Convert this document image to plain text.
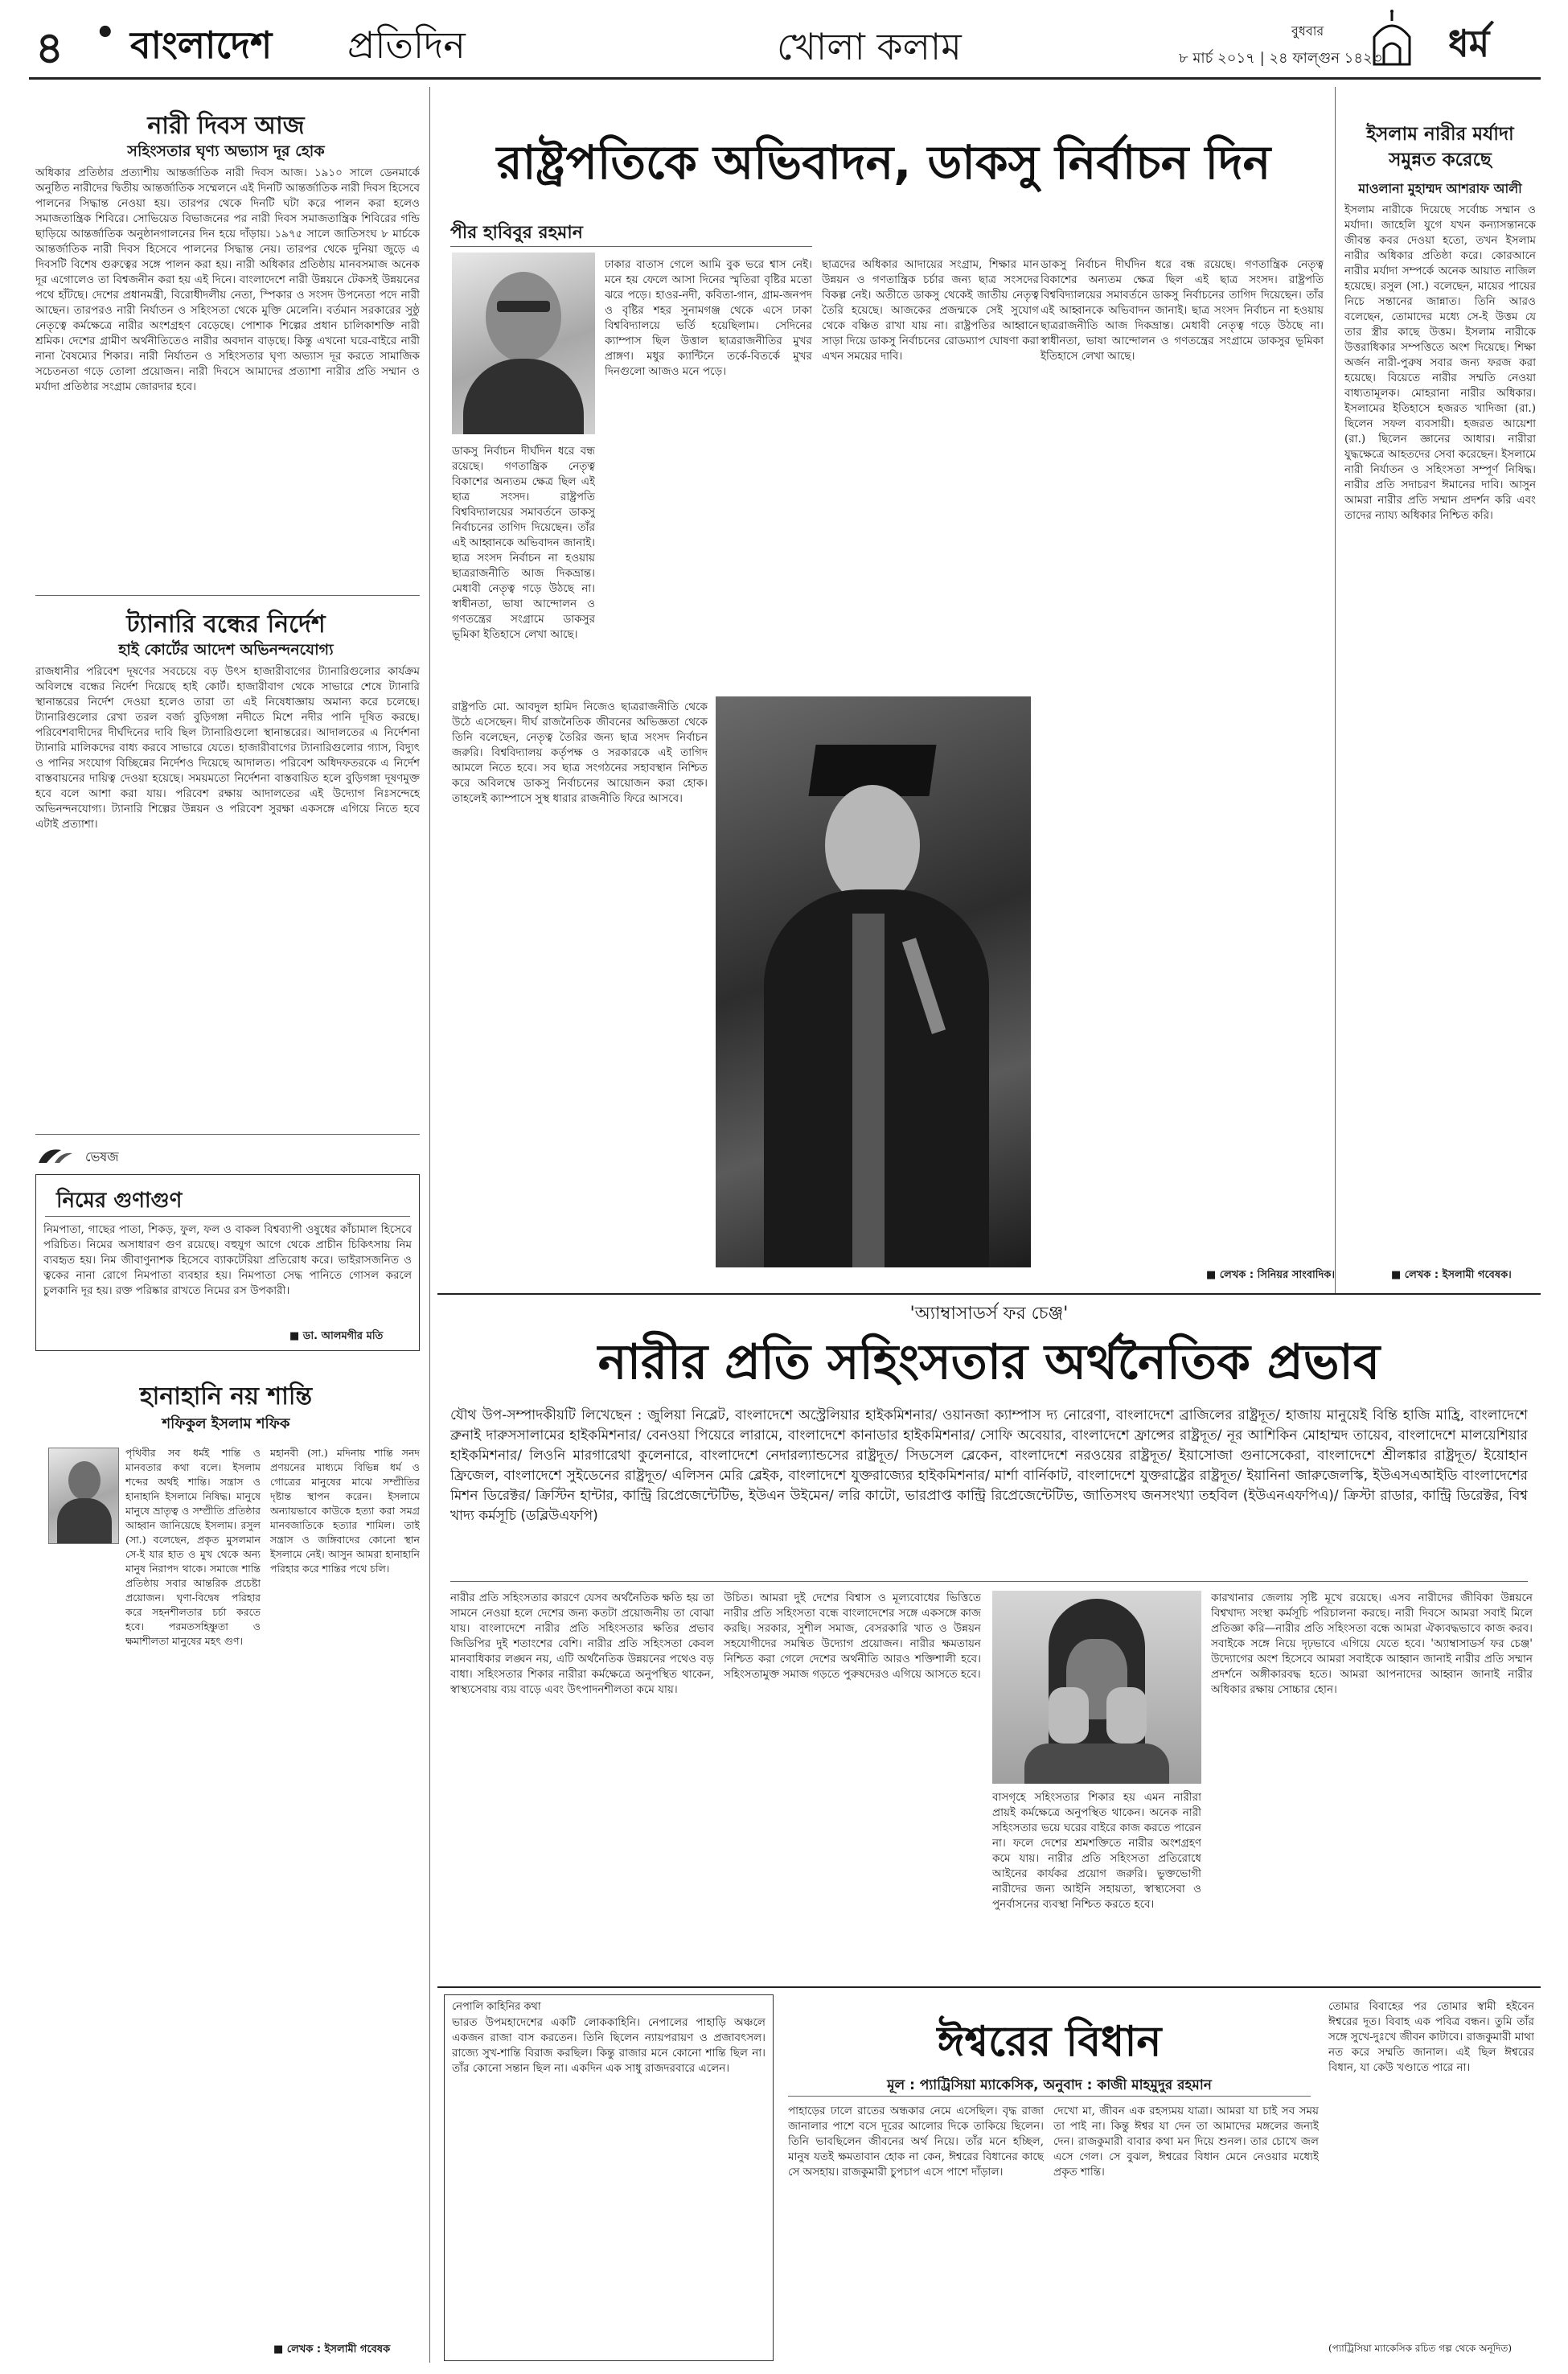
৪ • বাংলাদেশ প্রতিদিন	খোলা কলাম	বুধবার
৮ মার্চ ২০১৭ | ২৪ ফাল্গুন ১৪২৩ ধর্ম
নারী দিবস আজ
সহিংসতার ঘৃণ্য অভ্যাস দূর হোক
অধিকার প্রতিষ্ঠার প্রত্যাশীয় আন্তর্জাতিক নারী দিবস আজ। ১৯১০ সালে ডেনমার্কে অনুষ্ঠিত নারীদের দ্বিতীয় আন্তর্জাতিক সম্মেলনে এই দিনটি আন্তর্জাতিক নারী দিবস হিসেবে পালনের সিদ্ধান্ত নেওয়া হয়। তারপর থেকে দিনটি ঘটা করে পালন করা হলেও সমাজতান্ত্রিক শিবিরে। সোভিয়েত বিভাজনের পর নারী দিবস সমাজতান্ত্রিক শিবিরের গন্ডি ছাড়িয়ে আন্তর্জাতিক অনুষ্ঠানগালনের দিন হয়ে দাঁড়ায়। ১৯৭৫ সালে জাতিসংঘ ৮ মার্চকে আন্তর্জাতিক নারী দিবস হিসেবে পালনের সিদ্ধান্ত নেয়। তারপর থেকে দুনিয়া জুড়ে এ দিবসটি বিশেষ গুরুত্বের সঙ্গে পালন করা হয়। নারী অধিকার প্রতিষ্ঠায় মানবসমাজ অনেক দূর এগোলেও তা বিশ্বজনীন করা হয় এই দিনে। বাংলাদেশে নারী উন্নয়নে টেকসই উন্নয়নের পথে হাঁটছে। দেশের প্রধানমন্ত্রী, বিরোধীদলীয় নেতা, স্পিকার ও সংসদ উপনেতা পদে নারী আছেন। তারপরও নারী নির্যাতন ও সহিংসতা থেকে মুক্তি মেলেনি। বর্তমান সরকারের সুষ্ঠু নেতৃত্বে কর্মক্ষেত্রে নারীর অংশগ্রহণ বেড়েছে। পোশাক শিল্পের প্রধান চালিকাশক্তি নারী শ্রমিক। দেশের গ্রামীণ অর্থনীতিতেও নারীর অবদান বাড়ছে। কিন্তু এখনো ঘরে-বাইরে নারী নানা বৈষম্যের শিকার। নারী নির্যাতন ও সহিংসতার ঘৃণ্য অভ্যাস দূর করতে সামাজিক সচেতনতা গড়ে তোলা প্রয়োজন। নারী দিবসে আমাদের প্রত্যাশা নারীর প্রতি সম্মান ও মর্যাদা প্রতিষ্ঠার সংগ্রাম জোরদার হবে।
ট্যানারি বন্ধের নির্দেশ
হাই কোর্টের আদেশ অভিনন্দনযোগ্য
রাজধানীর পরিবেশ দূষণের সবচেয়ে বড় উৎস হাজারীবাগের ট্যানারিগুলোর কার্যক্রম অবিলম্বে বন্ধের নির্দেশ দিয়েছে হাই কোর্ট। হাজারীবাগ থেকে সাভারে শেষে ট্যানারি স্থানান্তরের নির্দেশ দেওয়া হলেও তারা তা এই নিষেধাজ্ঞায় অমান্য করে চলেছে। ট্যানারিগুলোর রেখা তরল বর্জ্য বুড়িগঙ্গা নদীতে মিশে নদীর পানি দূষিত করছে। পরিবেশবাদীদের দীর্ঘদিনের দাবি ছিল ট্যানারিগুলো স্থানান্তরের। আদালতের এ নির্দেশনা ট্যানারি মালিকদের বাধ্য করবে সাভারে যেতে। হাজারীবাগের ট্যানারিগুলোর গ্যাস, বিদ্যুৎ ও পানির সংযোগ বিচ্ছিন্নের নির্দেশও দিয়েছে আদালত। পরিবেশ অধিদফতরকে এ নির্দেশ বাস্তবায়নের দায়িত্ব দেওয়া হয়েছে। সময়মতো নির্দেশনা বাস্তবায়িত হলে বুড়িগঙ্গা দূষণমুক্ত হবে বলে আশা করা যায়। পরিবেশ রক্ষায় আদালতের এই উদ্যোগ নিঃসন্দেহে অভিনন্দনযোগ্য। ট্যানারি শিল্পের উন্নয়ন ও পরিবেশ সুরক্ষা একসঙ্গে এগিয়ে নিতে হবে এটাই প্রত্যাশা।
ভেষজ
নিমের গুণাগুণ
নিমপাতা, গাছের পাতা, শিকড়, ফুল, ফল ও বাকল বিশ্বব্যাপী ওষুধের কাঁচামাল হিসেবে পরিচিত। নিমের অসাধারণ গুণ রয়েছে। বহুযুগ আগে থেকে প্রাচীন চিকিৎসায় নিম ব্যবহৃত হয়। নিম জীবাণুনাশক হিসেবে ব্যাকটেরিয়া প্রতিরোধ করে। ভাইরাসজনিত ও ত্বকের নানা রোগে নিমপাতা ব্যবহার হয়। নিমপাতা সেদ্ধ পানিতে গোসল করলে চুলকানি দূর হয়। রক্ত পরিষ্কার রাখতে নিমের রস উপকারী।
■ ডা. আলমগীর মতি
হানাহানি নয় শান্তি
শফিকুল ইসলাম শফিক
পৃথিবীর সব ধর্মই শান্তি ও মানবতার কথা বলে। ইসলাম শব্দের অর্থই শান্তি। সন্ত্রাস ও হানাহানি ইসলামে নিষিদ্ধ। মানুষে মানুষে ভ্রাতৃত্ব ও সম্প্রীতি প্রতিষ্ঠার আহ্বান জানিয়েছে ইসলাম। রসুল (সা.) বলেছেন, প্রকৃত মুসলমান সে-ই যার হাত ও মুখ থেকে অন্য মানুষ নিরাপদ থাকে। সমাজে শান্তি প্রতিষ্ঠায় সবার আন্তরিক প্রচেষ্টা প্রয়োজন। ঘৃণা-বিদ্বেষ পরিহার করে সহনশীলতার চর্চা করতে হবে। পরমতসহিষ্ণুতা ও ক্ষমাশীলতা মানুষের মহৎ গুণ।
মহানবী (সা.) মদিনায় শান্তি সনদ প্রণয়নের মাধ্যমে বিভিন্ন ধর্ম ও গোত্রের মানুষের মাঝে সম্প্রীতির দৃষ্টান্ত স্থাপন করেন। ইসলামে অন্যায়ভাবে কাউকে হত্যা করা সমগ্র মানবজাতিকে হত্যার শামিল। তাই সন্ত্রাস ও জঙ্গিবাদের কোনো স্থান ইসলামে নেই। আসুন আমরা হানাহানি পরিহার করে শান্তির পথে চলি।
■ লেখক : ইসলামী গবেষক
রাষ্ট্রপতিকে অভিবাদন, ডাকসু নির্বাচন দিন
পীর হাবিবুর রহমান
ঢাকার বাতাস গেলে আমি বুক ভরে শ্বাস নেই। মনে হয় ফেলে আসা দিনের স্মৃতিরা বৃষ্টির মতো ঝরে পড়ে। হাওর-নদী, কবিতা-গান, গ্রাম-জনপদ ও বৃষ্টির শহর সুনামগঞ্জ থেকে এসে ঢাকা বিশ্ববিদ্যালয়ে ভর্তি হয়েছিলাম। সেদিনের ক্যাম্পাস ছিল উত্তাল ছাত্ররাজনীতির মুখর প্রাঙ্গণ। মধুর ক্যান্টিনে তর্কে-বিতর্কে মুখর দিনগুলো আজও মনে পড়ে।
ডাকসু নির্বাচন দীর্ঘদিন ধরে বন্ধ রয়েছে। গণতান্ত্রিক নেতৃত্ব বিকাশের অন্যতম ক্ষেত্র ছিল এই ছাত্র সংসদ। রাষ্ট্রপতি বিশ্ববিদ্যালয়ের সমাবর্তনে ডাকসু নির্বাচনের তাগিদ দিয়েছেন। তাঁর এই আহ্বানকে অভিবাদন জানাই। ছাত্র সংসদ নির্বাচন না হওয়ায় ছাত্ররাজনীতি আজ দিকভ্রান্ত। মেধাবী নেতৃত্ব গড়ে উঠছে না। স্বাধীনতা, ভাষা আন্দোলন ও গণতন্ত্রের সংগ্রামে ডাকসুর ভূমিকা ইতিহাসে লেখা আছে।
রাষ্ট্রপতি মো. আবদুল হামিদ নিজেও ছাত্ররাজনীতি থেকে উঠে এসেছেন। দীর্ঘ রাজনৈতিক জীবনের অভিজ্ঞতা থেকে তিনি বলেছেন, নেতৃত্ব তৈরির জন্য ছাত্র সংসদ নির্বাচন জরুরি। বিশ্ববিদ্যালয় কর্তৃপক্ষ ও সরকারকে এই তাগিদ আমলে নিতে হবে। সব ছাত্র সংগঠনের সহাবস্থান নিশ্চিত করে অবিলম্বে ডাকসু নির্বাচনের আয়োজন করা হোক। তাহলেই ক্যাম্পাসে সুস্থ ধারার রাজনীতি ফিরে আসবে।
ছাত্রদের অধিকার আদায়ের সংগ্রাম, শিক্ষার মান উন্নয়ন ও গণতান্ত্রিক চর্চার জন্য ছাত্র সংসদের বিকল্প নেই। অতীতে ডাকসু থেকেই জাতীয় নেতৃত্ব তৈরি হয়েছে। আজকের প্রজন্মকে সেই সুযোগ থেকে বঞ্চিত রাখা যায় না। রাষ্ট্রপতির আহ্বানে সাড়া দিয়ে ডাকসু নির্বাচনের রোডম্যাপ ঘোষণা করা এখন সময়ের দাবি।
ডাকসু নির্বাচন দীর্ঘদিন ধরে বন্ধ রয়েছে। গণতান্ত্রিক নেতৃত্ব বিকাশের অন্যতম ক্ষেত্র ছিল এই ছাত্র সংসদ। রাষ্ট্রপতি বিশ্ববিদ্যালয়ের সমাবর্তনে ডাকসু নির্বাচনের তাগিদ দিয়েছেন। তাঁর এই আহ্বানকে অভিবাদন জানাই। ছাত্র সংসদ নির্বাচন না হওয়ায় ছাত্ররাজনীতি আজ দিকভ্রান্ত। মেধাবী নেতৃত্ব গড়ে উঠছে না। স্বাধীনতা, ভাষা আন্দোলন ও গণতন্ত্রের সংগ্রামে ডাকসুর ভূমিকা ইতিহাসে লেখা আছে।
■ লেখক : সিনিয়র সাংবাদিক।
ইসলাম নারীর মর্যাদা
সমুন্নত করেছে
মাওলানা মুহাম্মদ আশরাফ আলী
ইসলাম নারীকে দিয়েছে সর্বোচ্চ সম্মান ও মর্যাদা। জাহেলি যুগে যখন কন্যাসন্তানকে জীবন্ত কবর দেওয়া হতো, তখন ইসলাম নারীর অধিকার প্রতিষ্ঠা করে। কোরআনে নারীর মর্যাদা সম্পর্কে অনেক আয়াত নাজিল হয়েছে। রসুল (সা.) বলেছেন, মায়ের পায়ের নিচে সন্তানের জান্নাত। তিনি আরও বলেছেন, তোমাদের মধ্যে সে-ই উত্তম যে তার স্ত্রীর কাছে উত্তম। ইসলাম নারীকে উত্তরাধিকার সম্পত্তিতে অংশ দিয়েছে। শিক্ষা অর্জন নারী-পুরুষ সবার জন্য ফরজ করা হয়েছে। বিয়েতে নারীর সম্মতি নেওয়া বাধ্যতামূলক। মোহরানা নারীর অধিকার। ইসলামের ইতিহাসে হজরত খাদিজা (রা.) ছিলেন সফল ব্যবসায়ী। হজরত আয়েশা (রা.) ছিলেন জ্ঞানের আধার। নারীরা যুদ্ধক্ষেত্রে আহতদের সেবা করেছেন। ইসলামে নারী নির্যাতন ও সহিংসতা সম্পূর্ণ নিষিদ্ধ। নারীর প্রতি সদাচরণ ঈমানের দাবি। আসুন আমরা নারীর প্রতি সম্মান প্রদর্শন করি এবং তাদের ন্যায্য অধিকার নিশ্চিত করি।
■ লেখক : ইসলামী গবেষক।
'অ্যাম্বাসাডর্স ফর চেঞ্জ'
নারীর প্রতি সহিংসতার অর্থনৈতিক প্রভাব
যৌথ উপ-সম্পাদকীয়টি লিখেছেন : জুলিয়া নিব্লেট, বাংলাদেশে অস্ট্রেলিয়ার হাইকমিশনার/ ওয়ানজা ক্যাম্পাস দ্য নোরেণা, বাংলাদেশে ব্রাজিলের রাষ্ট্রদূত/ হাজায় মানুয়েই বিন্তি হাজি মাহ্রি, বাংলাদেশে ব্রুনাই দারুসসালামের হাইকমিশনার/ বেনওয়া পিয়েরে লারামে, বাংলাদেশে কানাডার হাইকমিশনার/ সোফি অবেয়ার, বাংলাদেশে ফ্রান্সের রাষ্ট্রদূত/ নূর আশিকিন মোহাম্মদ তায়েব, বাংলাদেশে মালয়েশিয়ার হাইকমিশনার/ লিওনি মারগারেথা কুলেনারে, বাংলাদেশে নেদারল্যান্ডসের রাষ্ট্রদূত/ সিডসেল ব্লেকেন, বাংলাদেশে নরওয়ের রাষ্ট্রদূত/ ইয়াসোজা গুনাসেকেরা, বাংলাদেশে শ্রীলঙ্কার রাষ্ট্রদূত/ ইয়োহান ফ্রিজেল, বাংলাদেশে সুইডেনের রাষ্ট্রদূত/ এলিসন মেরি ব্লেইক, বাংলাদেশে যুক্তরাজ্যের হাইকমিশনার/ মার্শা বার্নিকাট, বাংলাদেশে যুক্তরাষ্ট্রের রাষ্ট্রদূত/ ইয়ানিনা জারুজেলস্কি, ইউএসএআইডি বাংলাদেশের মিশন ডিরেক্টর/ ক্রিস্টিন হান্টার, কান্ট্রি রিপ্রেজেন্টেটিভ, ইউএন উইমেন/ লরি কাটো, ভারপ্রাপ্ত কান্ট্রি রিপ্রেজেন্টেটিভ, জাতিসংঘ জনসংখ্যা তহবিল (ইউএনএফপিএ)/ ক্রিস্টা রাডার, কান্ট্রি ডিরেক্টর, বিশ্ব খাদ্য কর্মসূচি (ডব্লিউএফপি)
নারীর প্রতি সহিংসতার কারণে যেসব অর্থনৈতিক ক্ষতি হয় তা সামনে নেওয়া হলে দেশের জন্য কতটা প্রয়োজনীয় তা বোঝা যায়। বাংলাদেশে নারীর প্রতি সহিংসতার ক্ষতির প্রভাব জিডিপির দুই শতাংশের বেশি। নারীর প্রতি সহিংসতা কেবল মানবাধিকার লঙ্ঘন নয়, এটি অর্থনৈতিক উন্নয়নের পথেও বড় বাধা। সহিংসতার শিকার নারীরা কর্মক্ষেত্রে অনুপস্থিত থাকেন, স্বাস্থ্যসেবায় ব্যয় বাড়ে এবং উৎপাদনশীলতা কমে যায়।
উচিত। আমরা দুই দেশের বিশ্বাস ও মূল্যবোধের ভিত্তিতে নারীর প্রতি সহিংসতা বন্ধে বাংলাদেশের সঙ্গে একসঙ্গে কাজ করছি। সরকার, সুশীল সমাজ, বেসরকারি খাত ও উন্নয়ন সহযোগীদের সমন্বিত উদ্যোগ প্রয়োজন। নারীর ক্ষমতায়ন নিশ্চিত করা গেলে দেশের অর্থনীতি আরও শক্তিশালী হবে। সহিংসতামুক্ত সমাজ গড়তে পুরুষদেরও এগিয়ে আসতে হবে।
বাসগৃহে সহিংসতার শিকার হয় এমন নারীরা প্রায়ই কর্মক্ষেত্রে অনুপস্থিত থাকেন। অনেক নারী সহিংসতার ভয়ে ঘরের বাইরে কাজ করতে পারেন না। ফলে দেশের শ্রমশক্তিতে নারীর অংশগ্রহণ কমে যায়। নারীর প্রতি সহিংসতা প্রতিরোধে আইনের কার্যকর প্রয়োগ জরুরি। ভুক্তভোগী নারীদের জন্য আইনি সহায়তা, স্বাস্থ্যসেবা ও পুনর্বাসনের ব্যবস্থা নিশ্চিত করতে হবে।
কারখানার জেলায় সৃষ্টি মূখে রয়েছে। এসব নারীদের জীবিকা উন্নয়নে বিশ্বখাদ্য সংস্থা কর্মসূচি পরিচালনা করছে। নারী দিবসে আমরা সবাই মিলে প্রতিজ্ঞা করি—নারীর প্রতি সহিংসতা বন্ধে আমরা ঐক্যবদ্ধভাবে কাজ করব। সবাইকে সঙ্গে নিয়ে দৃঢ়ভাবে এগিয়ে যেতে হবে। 'অ্যাম্বাসাডর্স ফর চেঞ্জ' উদ্যোগের অংশ হিসেবে আমরা সবাইকে আহ্বান জানাই নারীর প্রতি সম্মান প্রদর্শনে অঙ্গীকারবদ্ধ হতে। আমরা আপনাদের আহ্বান জানাই নারীর অধিকার রক্ষায় সোচ্চার হোন।
নেপালি কাহিনির কথা
ভারত উপমহাদেশের একটি লোককাহিনি। নেপালের পাহাড়ি অঞ্চলে একজন রাজা বাস করতেন। তিনি ছিলেন ন্যায়পরায়ণ ও প্রজাবৎসল। রাজ্যে সুখ-শান্তি বিরাজ করছিল। কিন্তু রাজার মনে কোনো শান্তি ছিল না। তাঁর কোনো সন্তান ছিল না। একদিন এক সাধু রাজদরবারে এলেন।
ঈশ্বরের বিধান
মূল : প্যাট্রিসিয়া ম্যাকেসিক, অনুবাদ : কাজী মাহমুদুর রহমান
পাহাড়ের ঢালে রাতের অন্ধকার নেমে এসেছিল। বৃদ্ধ রাজা জানালার পাশে বসে দূরের আলোর দিকে তাকিয়ে ছিলেন। তিনি ভাবছিলেন জীবনের অর্থ নিয়ে। তাঁর মনে হচ্ছিল, মানুষ যতই ক্ষমতাবান হোক না কেন, ঈশ্বরের বিধানের কাছে সে অসহায়। রাজকুমারী চুপচাপ এসে পাশে দাঁড়াল।
দেখো মা, জীবন এক রহস্যময় যাত্রা। আমরা যা চাই সব সময় তা পাই না। কিন্তু ঈশ্বর যা দেন তা আমাদের মঙ্গলের জন্যই দেন। রাজকুমারী বাবার কথা মন দিয়ে শুনল। তার চোখে জল এসে গেল। সে বুঝল, ঈশ্বরের বিধান মেনে নেওয়ার মধ্যেই প্রকৃত শান্তি।
তোমার বিবাহের পর তোমার স্বামী হইবেন ঈশ্বরের দূত। বিবাহ এক পবিত্র বন্ধন। তুমি তাঁর সঙ্গে সুখে-দুঃখে জীবন কাটাবে। রাজকুমারী মাথা নত করে সম্মতি জানাল। এই ছিল ঈশ্বরের বিধান, যা কেউ খণ্ডাতে পারে না।
(প্যাট্রিসিয়া ম্যাকেসিক রচিত গল্প থেকে অনূদিত)
